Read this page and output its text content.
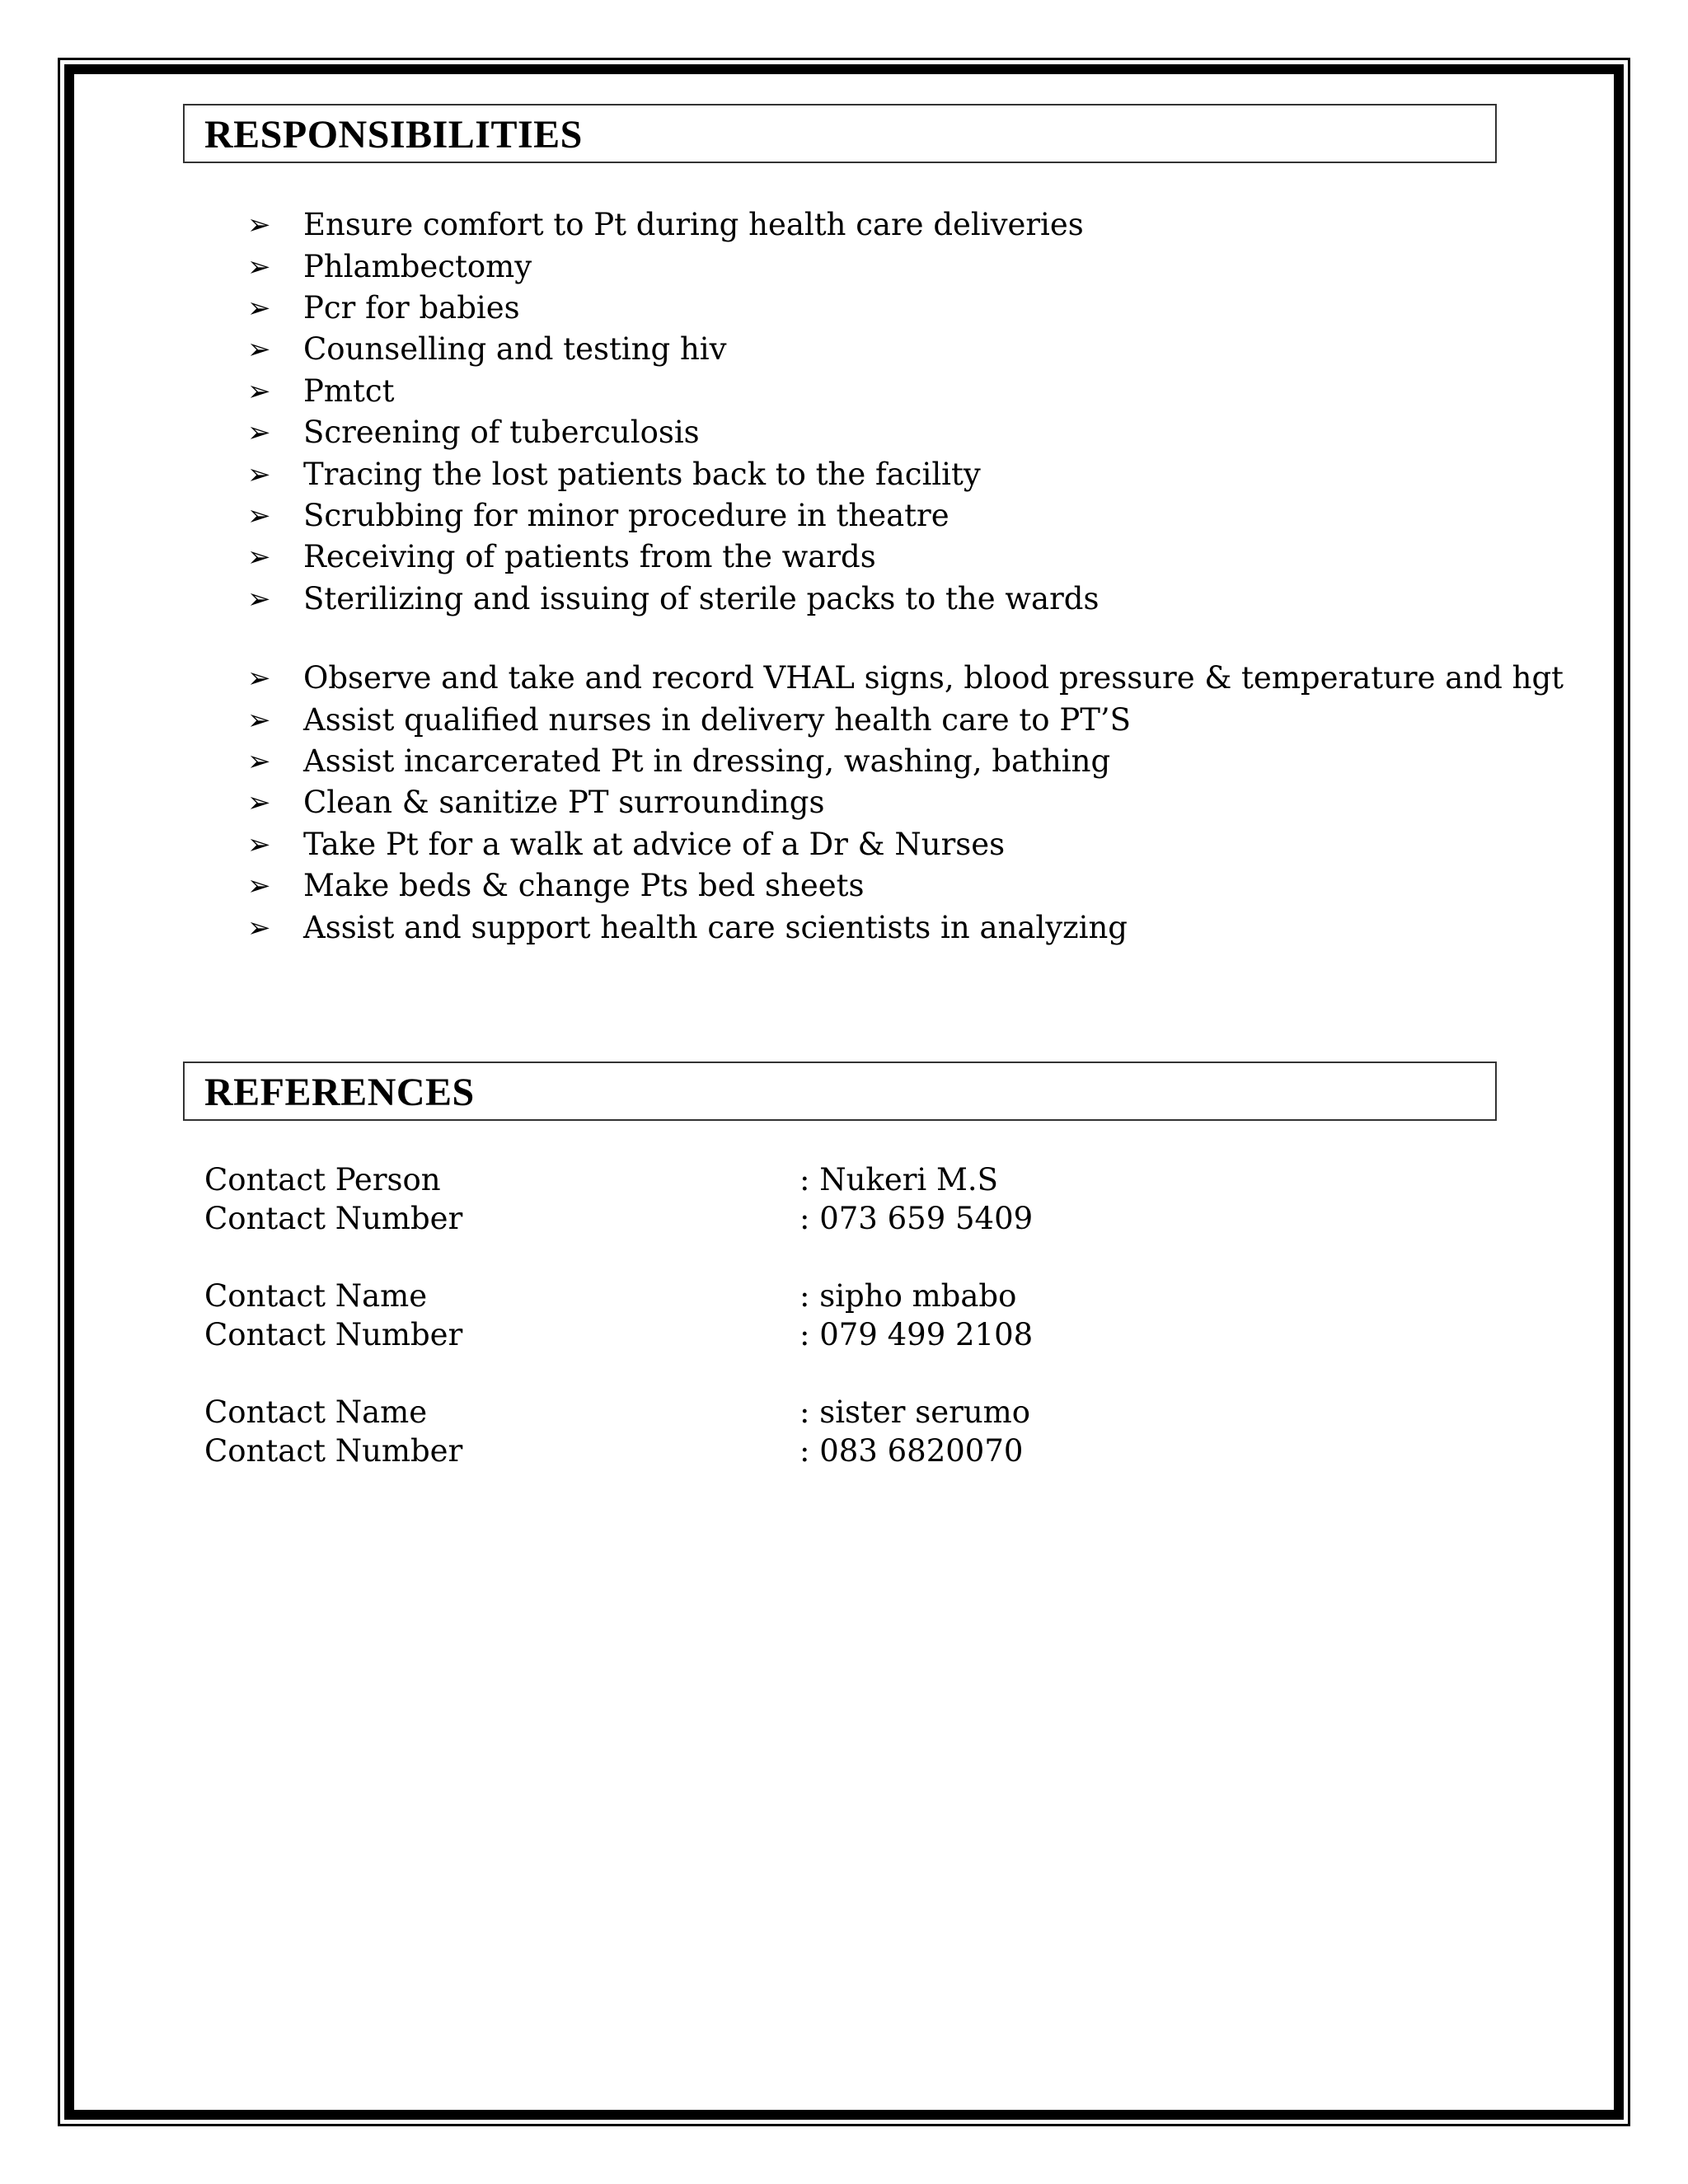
RESPONSIBILITIES
➢	Ensure comfort to Pt during health care deliveries
➢	Phlambectomy
➢	Pcr for babies
➢	Counselling and testing hiv
➢	Pmtct
➢	Screening of tuberculosis
➢	Tracing the lost patients back to the facility
➢	Scrubbing for minor procedure in theatre
➢	Receiving of patients from the wards
➢	Sterilizing and issuing of sterile packs to the wards
➢	Observe and take and record VHAL signs, blood pressure & temperature and hgt
➢	Assist qualified nurses in delivery health care to PT’S
➢	Assist incarcerated Pt in dressing, washing, bathing
➢	Clean & sanitize PT surroundings
➢	Take Pt for a walk at advice of a Dr & Nurses
➢	Make beds & change Pts bed sheets
➢	Assist and support health care scientists in analyzing
REFERENCES
Contact Person	: Nukeri M.S
Contact Number	: 073 659 5409
Contact Name	: sipho mbabo
Contact Number	: 079 499 2108
Contact Name	: sister serumo
Contact Number	: 083 6820070
